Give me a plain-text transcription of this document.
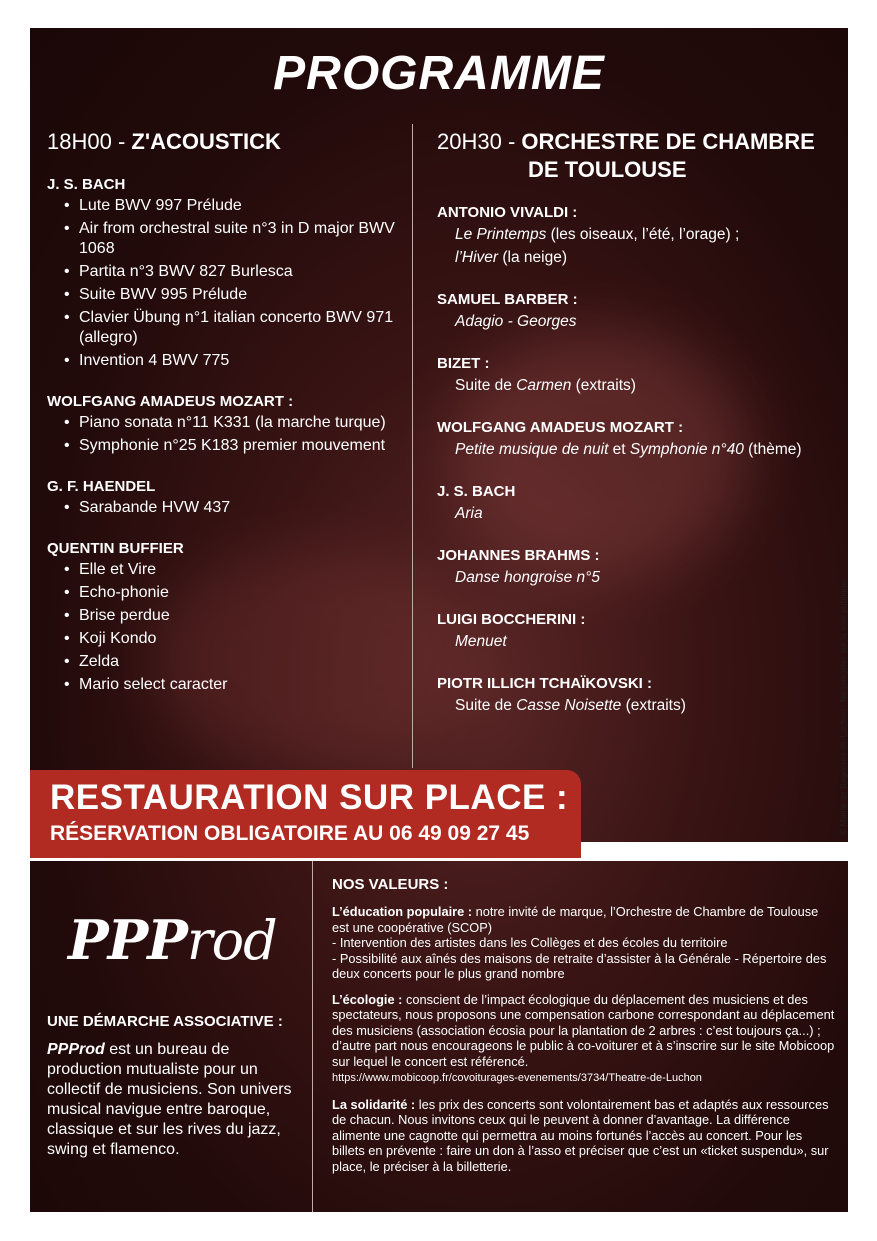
PROGRAMME
18H00 - Z'ACOUSTICK
J. S. BACH
• Lute BWV 997 Prélude
• Air from orchestral suite n°3 in D major BWV 1068
• Partita n°3 BWV 827 Burlesca
• Suite BWV 995 Prélude
• Clavier Übung n°1 italian concerto BWV 971 (allegro)
• Invention 4 BWV 775
WOLFGANG AMADEUS MOZART :
• Piano sonata n°11 K331 (la marche turque)
• Symphonie n°25 K183 premier mouvement
G. F. HAENDEL
• Sarabande HVW 437
QUENTIN BUFFIER
• Elle et Vire
• Echo-phonie
• Brise perdue
• Koji Kondo
• Zelda
• Mario select caracter
20H30 - ORCHESTRE DE CHAMBRE
DE TOULOUSE
ANTONIO VIVALDI :
Le Printemps (les oiseaux, l’été, l’orage) ;
l’Hiver (la neige)
SAMUEL BARBER :
Adagio - Georges
BIZET :
Suite de Carmen (extraits)
WOLFGANG AMADEUS MOZART :
Petite musique de nuit et Symphonie n°40 (thème)
J. S. BACH
Aria
JOHANNES BRAHMS :
Danse hongroise n°5
LUIGI BOCCHERINI :
Menuet
PIOTR ILLICH TCHAÏKOVSKI :
Suite de Casse Noisette (extraits)
RESTAURATION SUR PLACE :
RÉSERVATION OBLIGATOIRE AU 06 49 09 27 45
PPProd
UNE DÉMARCHE ASSOCIATIVE :
PPProd est un bureau de production mutualiste pour un collectif de musiciens. Son univers musical navigue entre baroque, classique et sur les rives du jazz, swing et flamenco.
NOS VALEURS :
L’éducation populaire : notre invité de marque, l’Orchestre de Chambre de Toulouse est une coopérative (SCOP)
- Intervention des artistes dans les Collèges et des écoles du territoire
- Possibilité aux aînés des maisons de retraite d’assister à la Générale - Répertoire des deux concerts pour le plus grand nombre
L’écologie : conscient de l’impact écologique du déplacement des musiciens et des spectateurs, nous proposons une compensation carbone correspondant au déplacement des musiciens (association écosia pour la plantation de 2 arbres : c’est toujours ça...) ; d’autre part nous encourageons le public à co-voiturer et à s’inscrire sur le site Mobicoop sur lequel le concert est référencé.
https://www.mobicoop.fr/covoiturages-evenements/3734/Theatre-de-Luchon
La solidarité : les prix des concerts sont volontairement bas et adaptés aux ressources de chacun. Nous invitons ceux qui le peuvent à donner d’avantage. La différence alimente une cagnotte qui permettra au moins fortunés l’accès au concert. Pour les billets en prévente : faire un don à l’asso et préciser que c’est un «ticket suspendu», sur place, le préciser à la billetterie.
© Mairie de Bagnères-de-Luchon - Ne pas jeter sur la voie publique.
